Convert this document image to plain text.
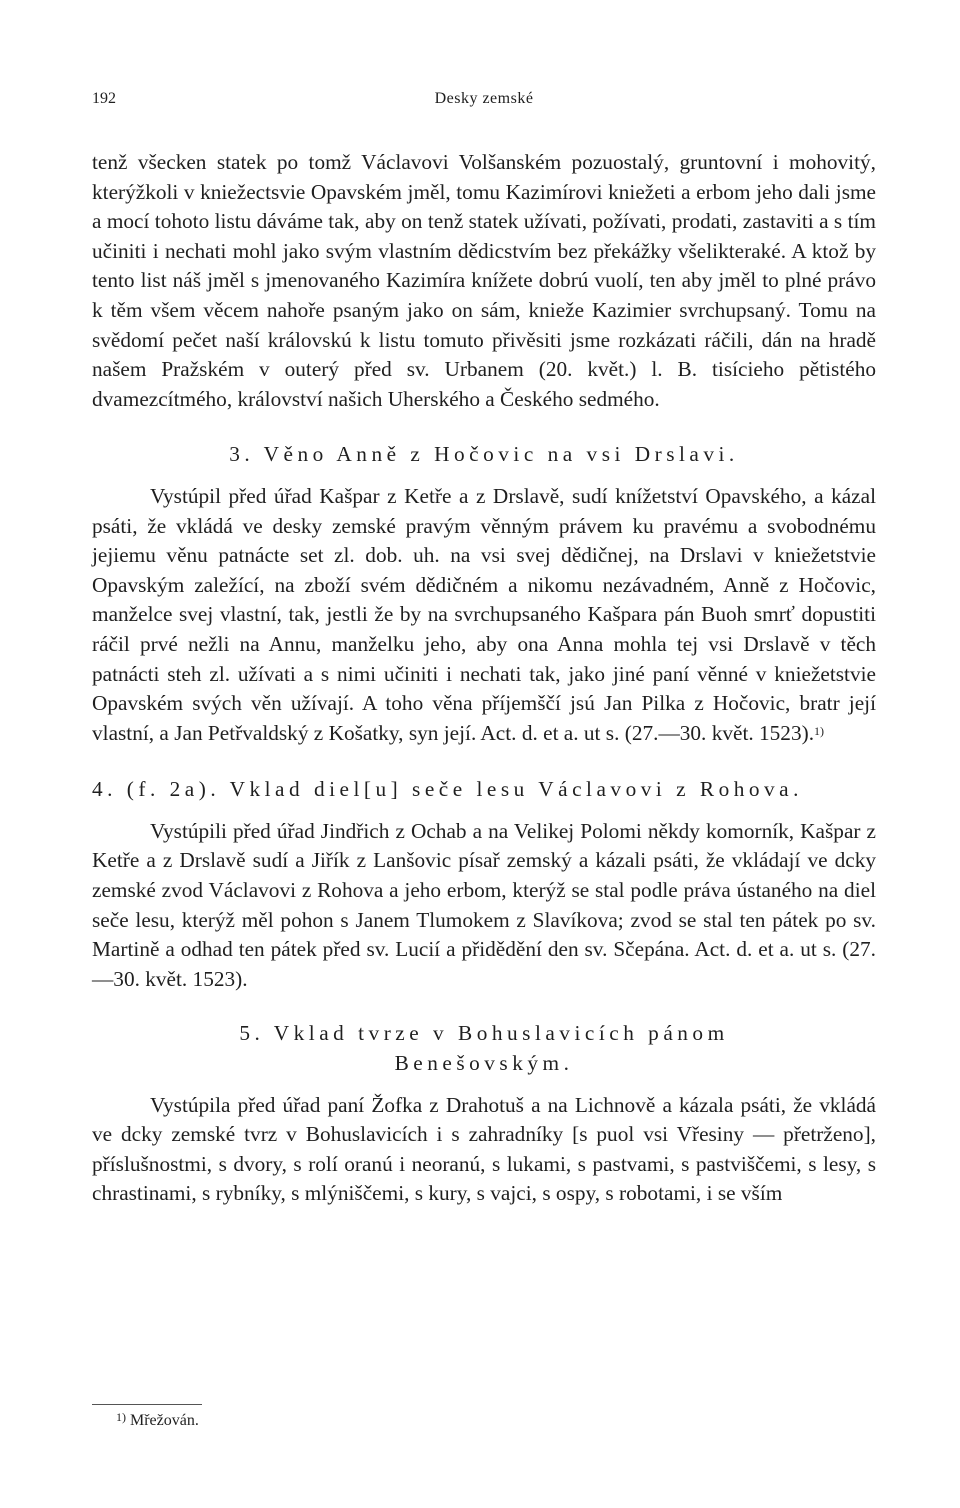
192	Desky zemské

tenž všecken statek po tomž Václavovi Volšanském pozuostalý, gruntovní i mohovitý, kterýžkoli v kniežectsvie Opavském jměl, tomu Kazimírovi kniežeti a erbom jeho dali jsme a mocí tohoto listu dáváme tak, aby on tenž statek užívati, požívati, prodati, zastaviti a s tím učiniti i nechati mohl jako svým vlastním dědicstvím bez překážky všelikteraké. A ktož by tento list náš jměl s jmenovaného Kazimíra knížete dobrú vuolí, ten aby jměl to plné právo k těm všem věcem nahoře psaným jako on sám, knieže Kazimier svrchupsaný. Tomu na svědomí pečet naší královskú k listu tomuto přivěsiti jsme rozkázati ráčili, dán na hradě našem Pražském v outerý před sv. Urbanem (20. květ.) l. B. tisícieho pětistého dvamezcítmého, království našich Uherského a Českého sedmého.

3. Věno Anně z Hočovic na vsi Drslavi.

Vystúpil před úřad Kašpar z Ketře a z Drslavě, sudí knížetství Opavského, a kázal psáti, že vkládá ve desky zemské pravým věnným právem ku pravému a svobodnému jejiemu věnu patnácte set zl. dob. uh. na vsi svej dědičnej, na Drslavi v kniežetstvie Opavským zaležící, na zboží svém dědičném a nikomu nezávadném, Anně z Hočovic, manželce svej vlastní, tak, jestli že by na svrchupsaného Kašpara pán Buoh smrť dopustiti ráčil prvé nežli na Annu, manželku jeho, aby ona Anna mohla tej vsi Drslavě v těch patnácti steh zl. užívati a s nimi učiniti i nechati tak, jako jiné paní věnné v kniežetstvie Opavském svých věn užívají. A toho věna příjemščí jsú Jan Pilka z Hočovic, bratr její vlastní, a Jan Petřvaldský z Košatky, syn její. Act. d. et a. ut s. (27.—30. květ. 1523).$^{1)}$

4. (f. 2a). Vklad diel[u] seče lesu Václavovi z Rohova.

Vystúpili před úřad Jindřich z Ochab a na Velikej Polomi někdy komorník, Kašpar z Ketře a z Drslavě sudí a Jiřík z Lanšovic písař zemský a kázali psáti, že vkládají ve dcky zemské zvod Václavovi z Rohova a jeho erbom, kterýž se stal podle práva ústaného na diel seče lesu, kterýž měl pohon s Janem Tlumokem z Slavíkova; zvod se stal ten pátek po sv. Martině a odhad ten pátek před sv. Lucií a přidědění den sv. Sčepána. Act. d. et a. ut s. (27.—30. květ. 1523).

5. Vklad tvrze v Bohuslavicích pánom
Benešovským.

Vystúpila před úřad paní Žofka z Drahotuš a na Lichnově a kázala psáti, že vkládá ve dcky zemské tvrz v Bohuslavicích i s zahradníky [s puol vsi Vřesiny — přetrženo], příslušnostmi, s dvory, s rolí oranú i neoranú, s lukami, s pastvami, s pastviščemi, s lesy, s chrastinami, s rybníky, s mlýniščemi, s kury, s vajci, s ospy, s robotami, i se vším

$^{1)}$ Mřežován.
